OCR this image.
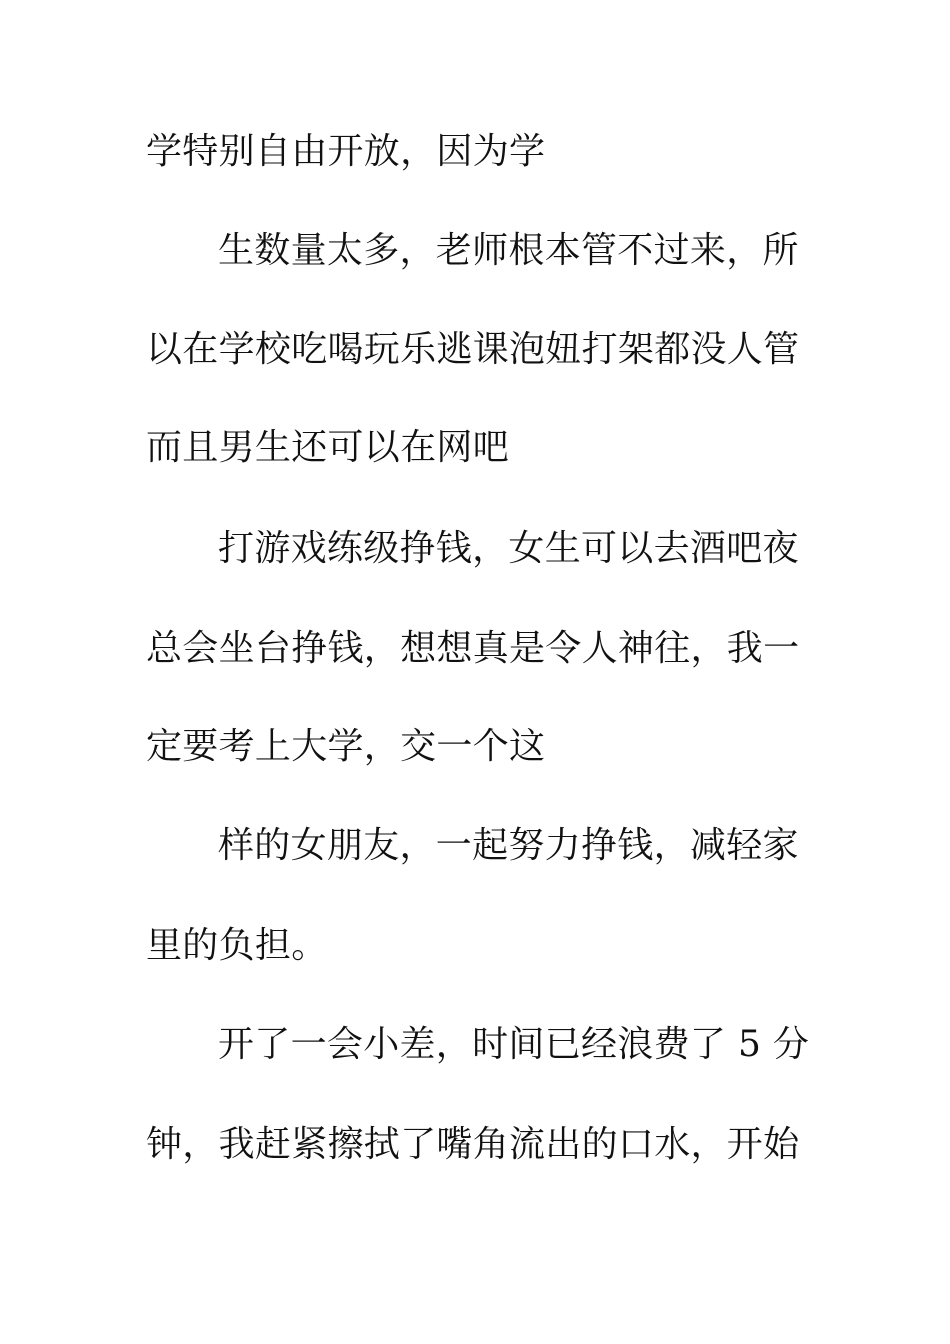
学特别自由开放，因为学
生数量太多，老师根本管不过来，所
以在学校吃喝玩乐逃课泡妞打架都没人管
而且男生还可以在网吧
打游戏练级挣钱，女生可以去酒吧夜
总会坐台挣钱，想想真是令人神往，我一
定要考上大学，交一个这
样的女朋友，一起努力挣钱，减轻家
里的负担。
开了一会小差，时间已经浪费了 5 分
钟，我赶紧擦拭了嘴角流出的口水，开始
